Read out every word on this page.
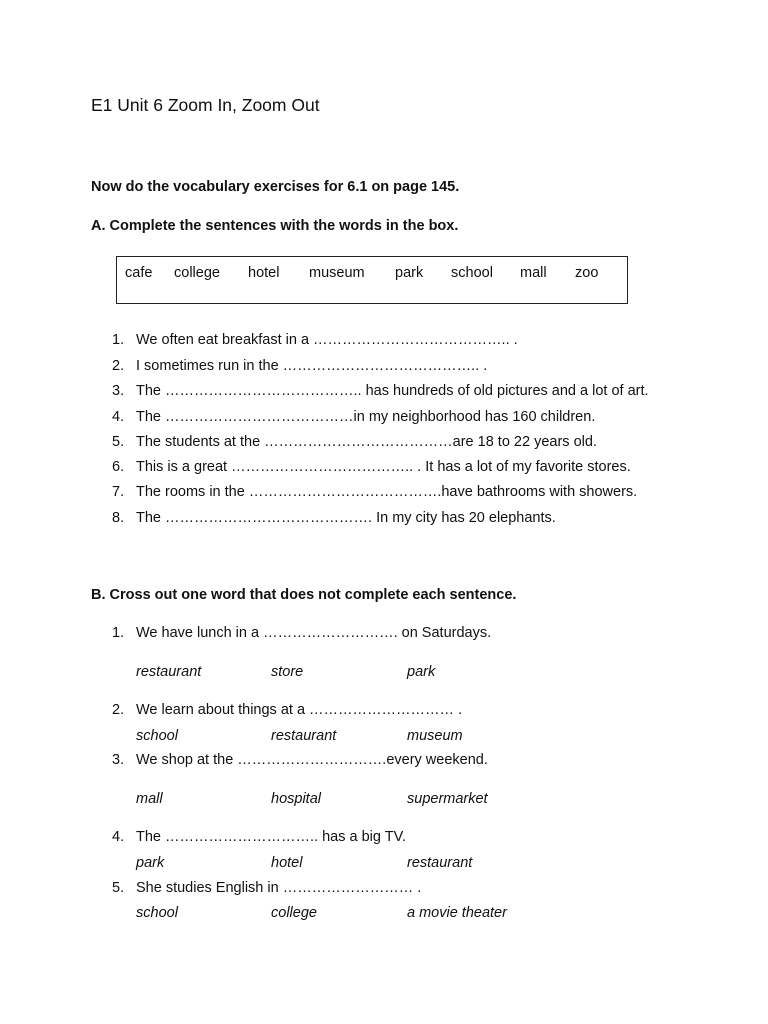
E1 Unit 6 Zoom In, Zoom Out
Now do the vocabulary exercises for 6.1 on page 145.
A. Complete the sentences with the words in the box.
cafe college hotel museum park school mall zoo
1. We often eat breakfast in a ………………………………….. .
2. I sometimes run in the ………………………………….. .
3. The ………………………………….. has hundreds of old pictures and a lot of art.
4. The …………………………………in my neighborhood has 160 children.
5. The students at the …………………………………are 18 to 22 years old.
6. This is a great ……………………………….. . It has a lot of my favorite stores.
7. The rooms in the ………………………………….have bathrooms with showers.
8. The ……………………………………. In my city has 20 elephants.
B. Cross out one word that does not complete each sentence.
1. We have lunch in a ………………………. on Saturdays.
restaurant	store	park
2. We learn about things at a ………………………… .
school	restaurant	museum
3. We shop at the ………………………….every weekend.
mall	hospital	supermarket
4. The ………………………….. has a big TV.
park	hotel	restaurant
5. She studies English in ……………………… .
school	college	a movie theater
